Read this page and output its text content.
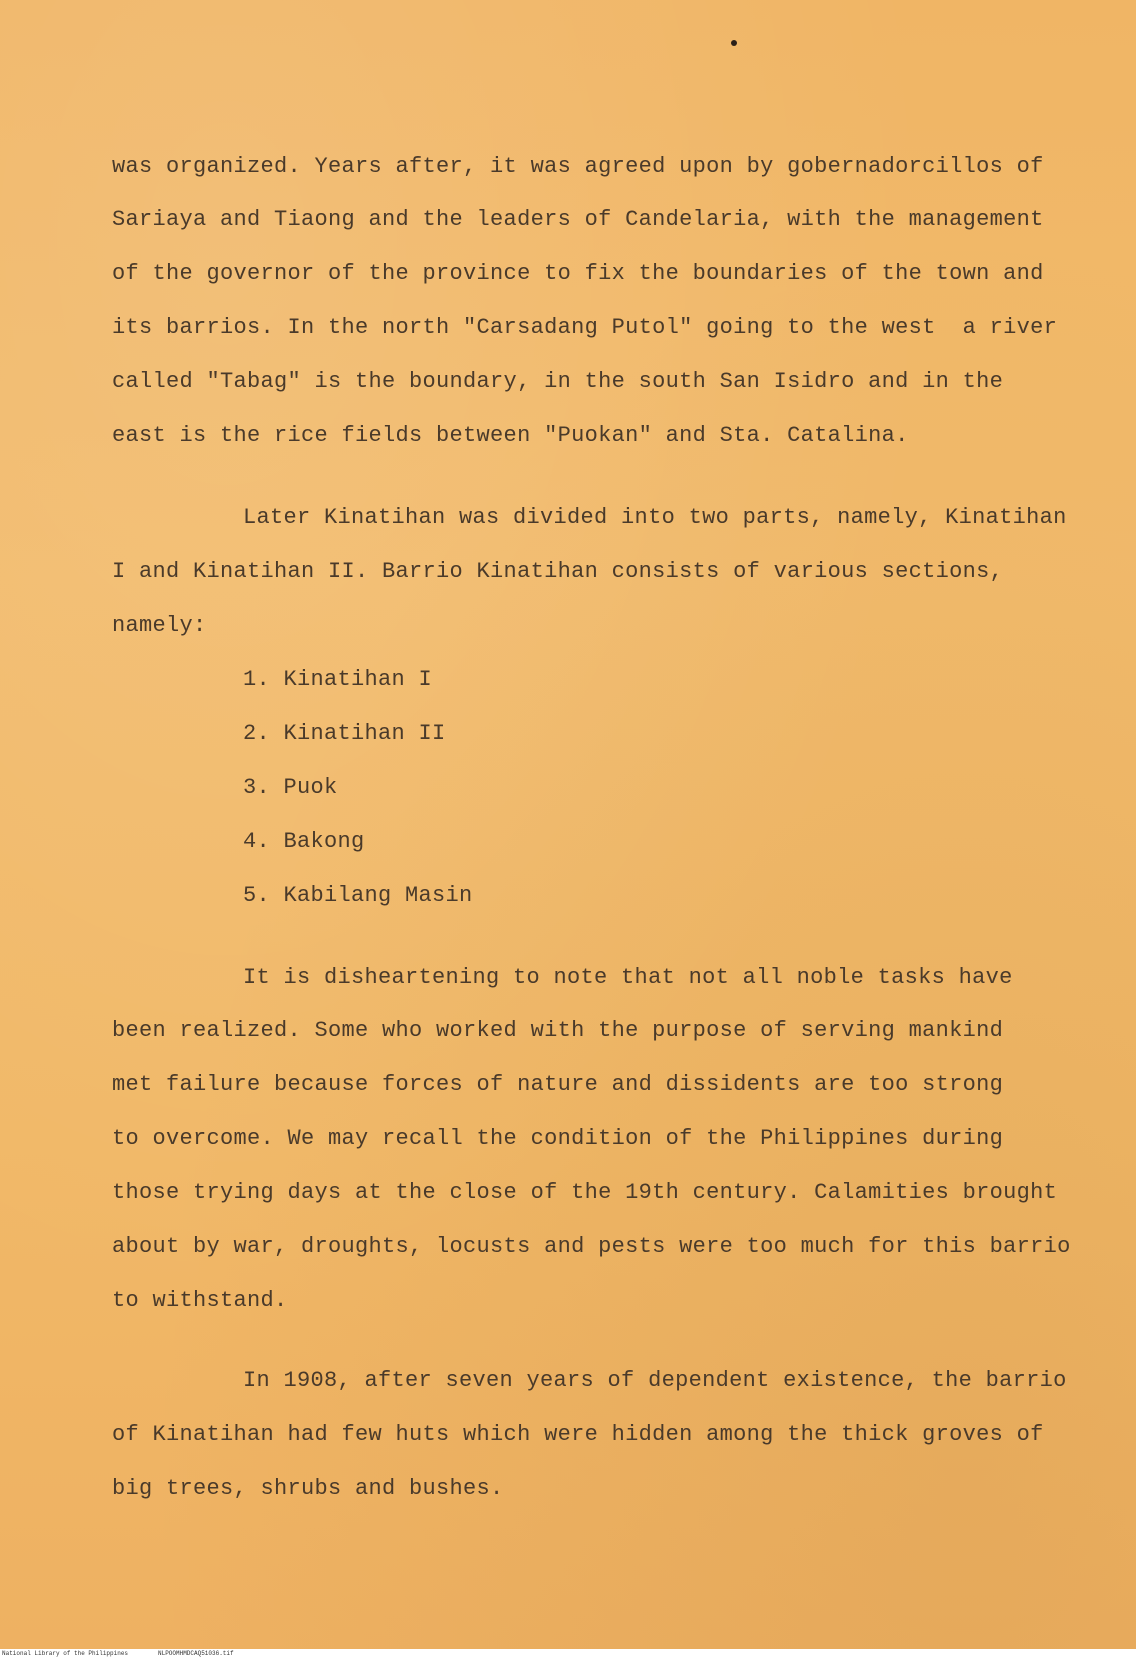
was organized. Years after, it was agreed upon by gobernadorcillos of
Sariaya and Tiaong and the leaders of Candelaria, with the management
of the governor of the province to fix the boundaries of the town and
its barrios. In the north "Carsadang Putol" going to the west  a river
called "Tabag" is the boundary, in the south San Isidro and in the
east is the rice fields between "Puokan" and Sta. Catalina.
Later Kinatihan was divided into two parts, namely, Kinatihan
I and Kinatihan II. Barrio Kinatihan consists of various sections,
namely:
1. Kinatihan I
2. Kinatihan II
3. Puok
4. Bakong
5. Kabilang Masin
It is disheartening to note that not all noble tasks have
been realized. Some who worked with the purpose of serving mankind
met failure because forces of nature and dissidents are too strong
to overcome. We may recall the condition of the Philippines during
those trying days at the close of the 19th century. Calamities brought
about by war, droughts, locusts and pests were too much for this barrio
to withstand.
In 1908, after seven years of dependent existence, the barrio
of Kinatihan had few huts which were hidden among the thick groves of
big trees, shrubs and bushes.

National Library of the Philippines

	NLPOOMHMDCAQ51036.tif
